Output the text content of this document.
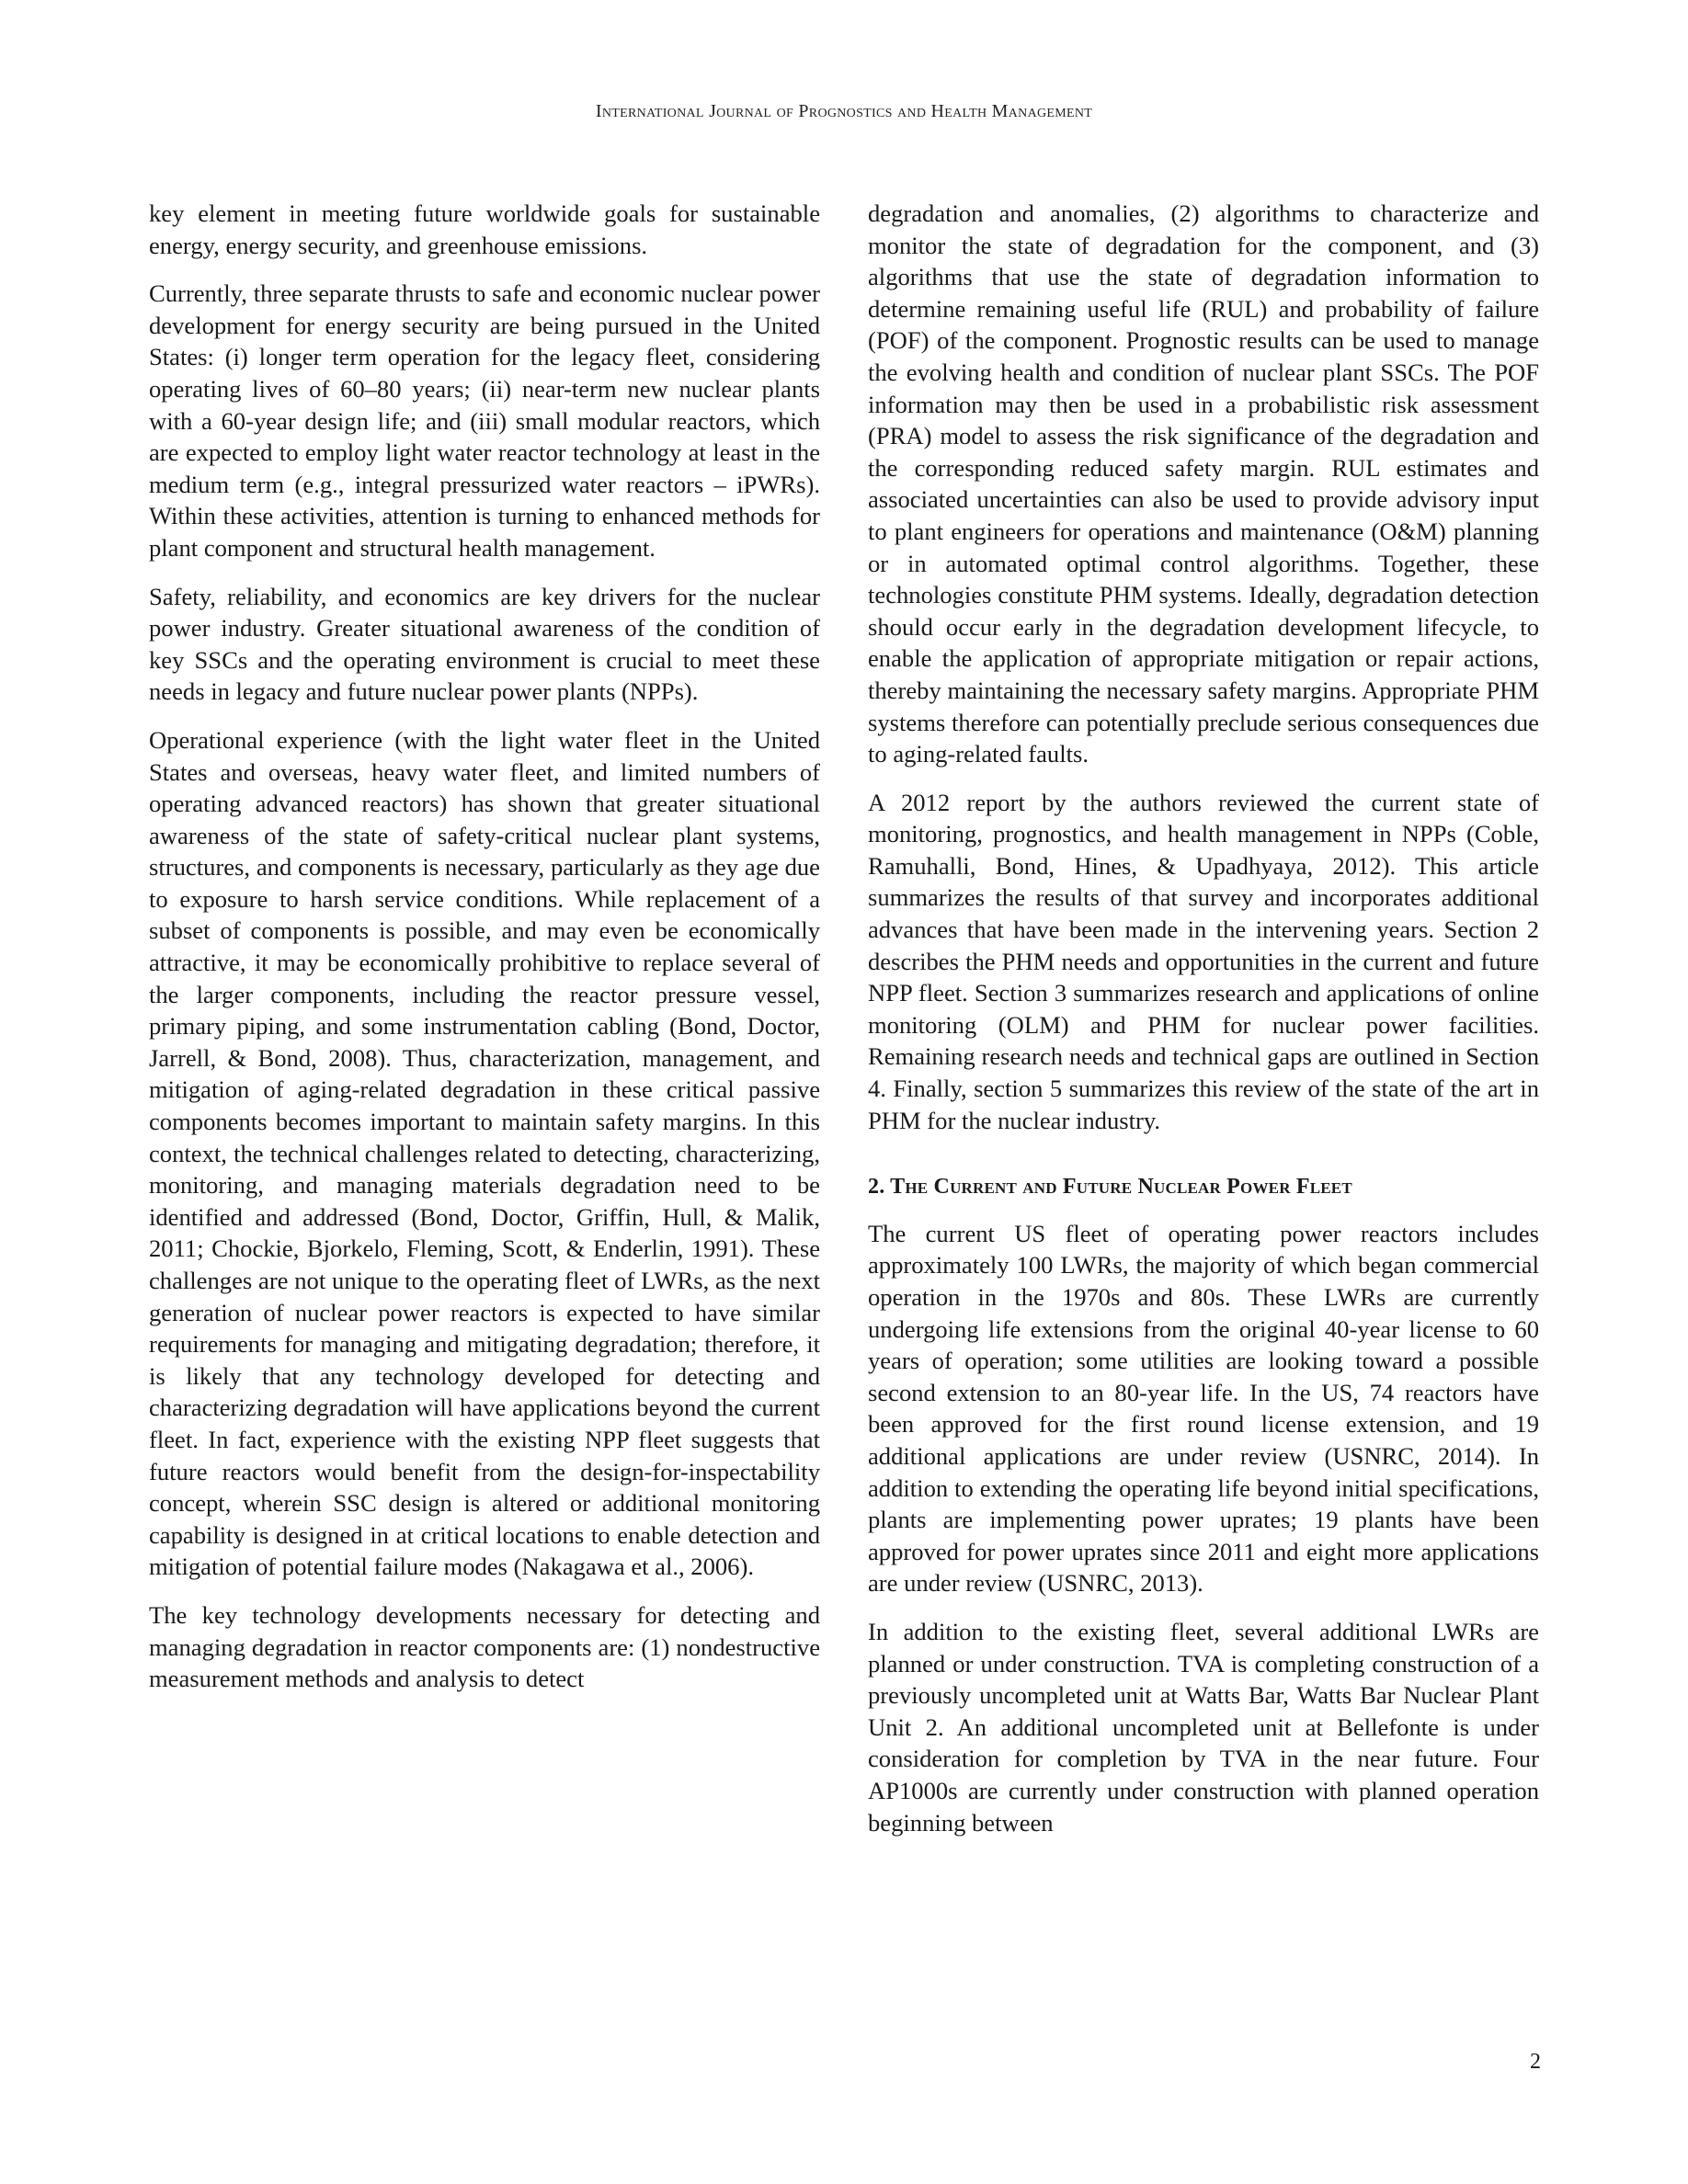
International Journal of Prognostics and Health Management

key element in meeting future worldwide goals for sustainable energy, energy security, and greenhouse emissions.

Currently, three separate thrusts to safe and economic nuclear power development for energy security are being pursued in the United States: (i) longer term operation for the legacy fleet, considering operating lives of 60–80 years; (ii) near-term new nuclear plants with a 60-year design life; and (iii) small modular reactors, which are expected to employ light water reactor technology at least in the medium term (e.g., integral pressurized water reactors – iPWRs). Within these activities, attention is turning to enhanced methods for plant component and structural health management.

Safety, reliability, and economics are key drivers for the nuclear power industry. Greater situational awareness of the condition of key SSCs and the operating environment is crucial to meet these needs in legacy and future nuclear power plants (NPPs).

Operational experience (with the light water fleet in the United States and overseas, heavy water fleet, and limited numbers of operating advanced reactors) has shown that greater situational awareness of the state of safety-critical nuclear plant systems, structures, and components is necessary, particularly as they age due to exposure to harsh service conditions. While replacement of a subset of components is possible, and may even be economically attractive, it may be economically prohibitive to replace several of the larger components, including the reactor pressure vessel, primary piping, and some instrumentation cabling (Bond, Doctor, Jarrell, & Bond, 2008). Thus, characterization, management, and mitigation of aging-related degradation in these critical passive components becomes important to maintain safety margins. In this context, the technical challenges related to detecting, characterizing, monitoring, and managing materials degradation need to be identified and addressed (Bond, Doctor, Griffin, Hull, & Malik, 2011; Chockie, Bjorkelo, Fleming, Scott, & Enderlin, 1991). These challenges are not unique to the operating fleet of LWRs, as the next generation of nuclear power reactors is expected to have similar requirements for managing and mitigating degradation; therefore, it is likely that any technology developed for detecting and characterizing degradation will have applications beyond the current fleet. In fact, experience with the existing NPP fleet suggests that future reactors would benefit from the design-for-inspectability concept, wherein SSC design is altered or additional monitoring capability is designed in at critical locations to enable detection and mitigation of potential failure modes (Nakagawa et al., 2006).

The key technology developments necessary for detecting and managing degradation in reactor components are: (1) nondestructive measurement methods and analysis to detect

degradation and anomalies, (2) algorithms to characterize and monitor the state of degradation for the component, and (3) algorithms that use the state of degradation information to determine remaining useful life (RUL) and probability of failure (POF) of the component. Prognostic results can be used to manage the evolving health and condition of nuclear plant SSCs. The POF information may then be used in a probabilistic risk assessment (PRA) model to assess the risk significance of the degradation and the corresponding reduced safety margin. RUL estimates and associated uncertainties can also be used to provide advisory input to plant engineers for operations and maintenance (O&M) planning or in automated optimal control algorithms. Together, these technologies constitute PHM systems. Ideally, degradation detection should occur early in the degradation development lifecycle, to enable the application of appropriate mitigation or repair actions, thereby maintaining the necessary safety margins. Appropriate PHM systems therefore can potentially preclude serious consequences due to aging-related faults.

A 2012 report by the authors reviewed the current state of monitoring, prognostics, and health management in NPPs (Coble, Ramuhalli, Bond, Hines, & Upadhyaya, 2012). This article summarizes the results of that survey and incorporates additional advances that have been made in the intervening years. Section 2 describes the PHM needs and opportunities in the current and future NPP fleet. Section 3 summarizes research and applications of online monitoring (OLM) and PHM for nuclear power facilities. Remaining research needs and technical gaps are outlined in Section 4. Finally, section 5 summarizes this review of the state of the art in PHM for the nuclear industry.

2. The Current and Future Nuclear Power Fleet

The current US fleet of operating power reactors includes approximately 100 LWRs, the majority of which began commercial operation in the 1970s and 80s. These LWRs are currently undergoing life extensions from the original 40-year license to 60 years of operation; some utilities are looking toward a possible second extension to an 80-year life. In the US, 74 reactors have been approved for the first round license extension, and 19 additional applications are under review (USNRC, 2014). In addition to extending the operating life beyond initial specifications, plants are implementing power uprates; 19 plants have been approved for power uprates since 2011 and eight more applications are under review (USNRC, 2013).

In addition to the existing fleet, several additional LWRs are planned or under construction. TVA is completing construction of a previously uncompleted unit at Watts Bar, Watts Bar Nuclear Plant Unit 2. An additional uncompleted unit at Bellefonte is under consideration for completion by TVA in the near future. Four AP1000s are currently under construction with planned operation beginning between

2
